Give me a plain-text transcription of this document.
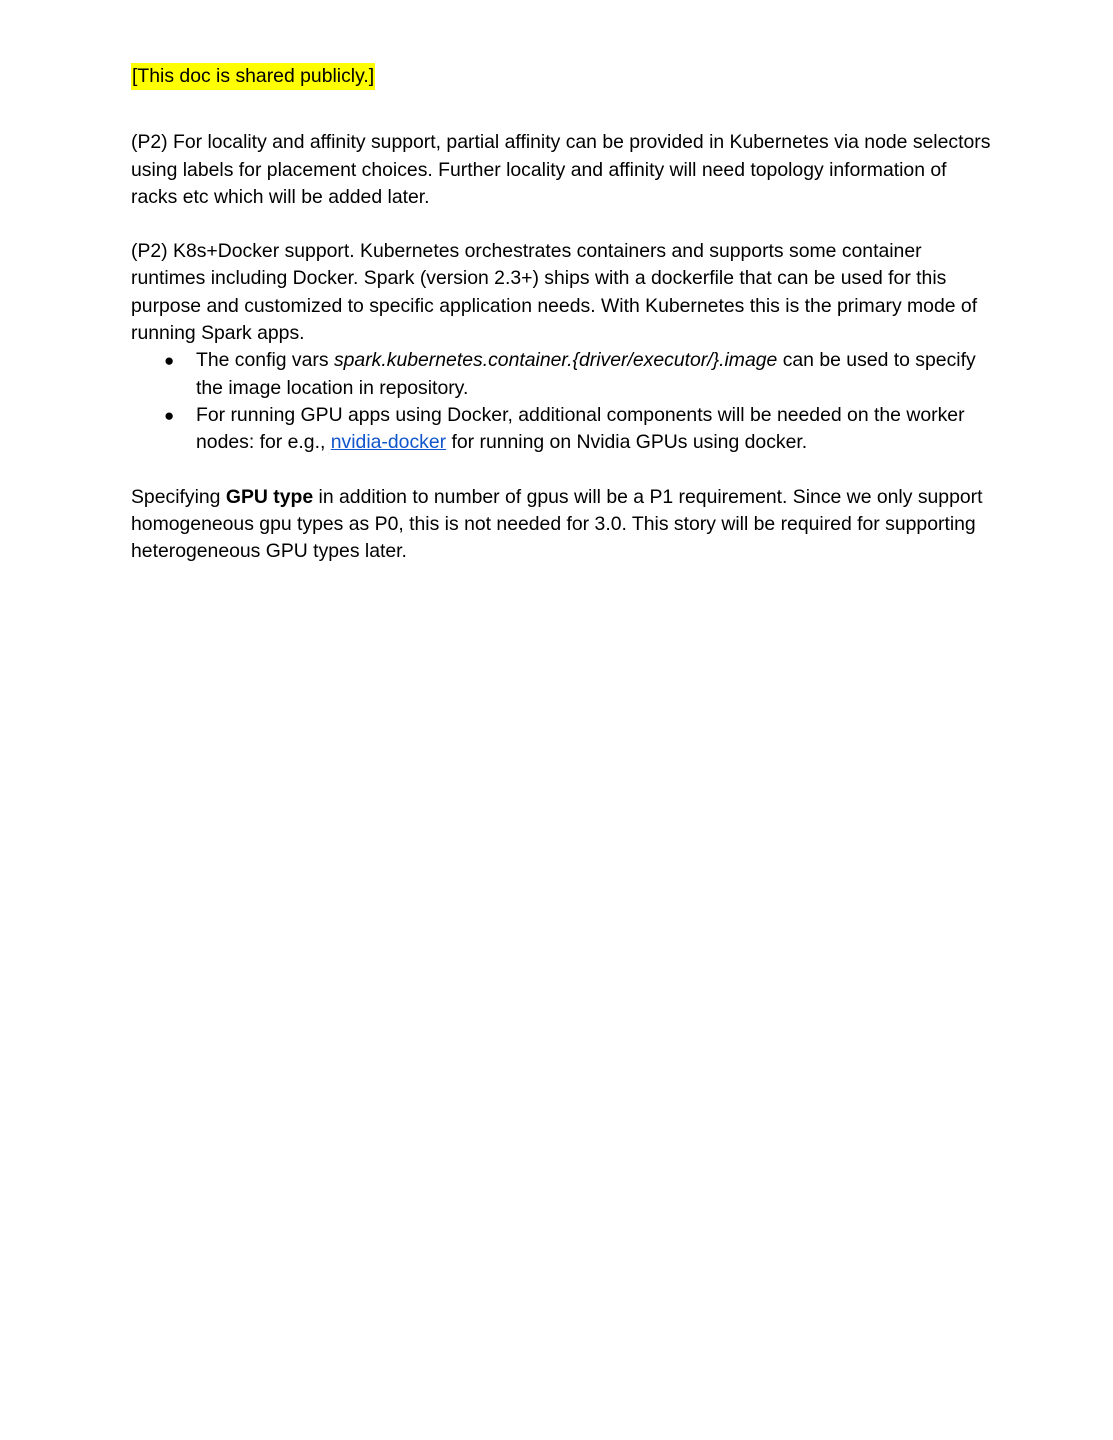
[This doc is shared publicly.]

(P2) For locality and affinity support, partial affinity can be provided in Kubernetes via node selectors using labels for placement choices. Further locality and affinity will need topology information of racks etc which will be added later.

(P2) K8s+Docker support. Kubernetes orchestrates containers and supports some container runtimes including Docker. Spark (version 2.3+) ships with a dockerfile that can be used for this purpose and customized to specific application needs. With Kubernetes this is the primary mode of running Spark apps.

● The config vars spark.kubernetes.container.{driver/executor/}.image can be used to specify the image location in repository.
● For running GPU apps using Docker, additional components will be needed on the worker nodes: for e.g., nvidia-docker for running on Nvidia GPUs using docker.

Specifying GPU type in addition to number of gpus will be a P1 requirement. Since we only support homogeneous gpu types as P0, this is not needed for 3.0. This story will be required for supporting heterogeneous GPU types later.
